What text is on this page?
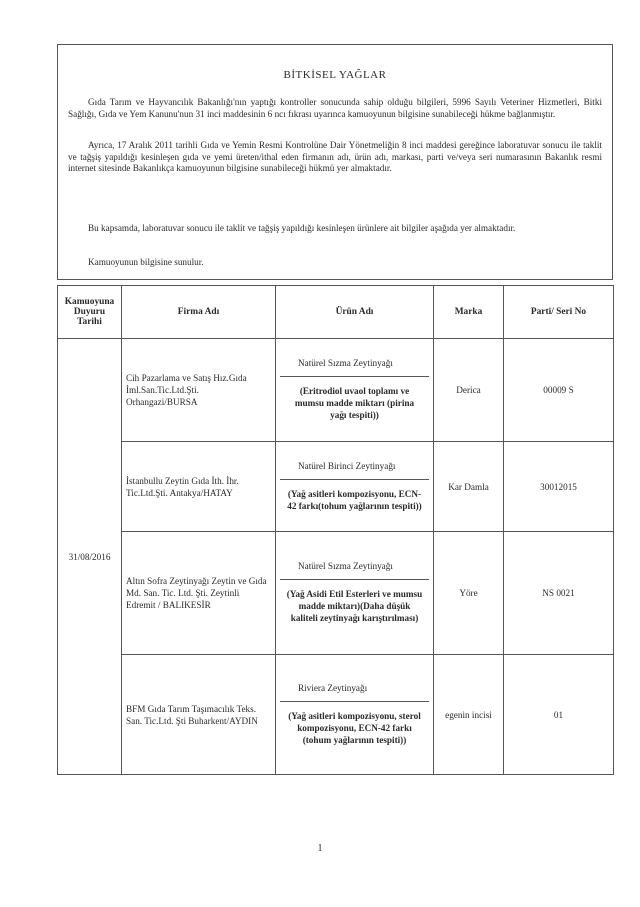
BİTKİSEL YAĞLAR

Gıda Tarım ve Hayvancılık Bakanlığı'nın yaptığı kontroller sonucunda sahip olduğu bilgileri, 5996 Sayılı Veteriner Hizmetleri, Bitki Sağlığı, Gıda ve Yem Kanunu'nun 31 inci maddesinin 6 ncı fıkrası uyarınca kamuoyunun bilgisine sunabileceği hükme bağlanmıştır.

Ayrıca, 17 Aralık 2011 tarihli Gıda ve Yemin Resmi Kontrolüne Dair Yönetmeliğin 8 inci maddesi gereğince laboratuvar sonucu ile taklit ve tağşiş yapıldığı kesinleşen gıda ve yemi üreten/ithal eden firmanın adı, ürün adı, markası, parti ve/veya seri numarasının Bakanlık resmi internet sitesinde Bakanlıkça kamuoyunun bilgisine sunabileceği hükmü yer almaktadır.

Bu kapsamda, laboratuvar sonucu ile taklit ve tağşiş yapıldığı kesinleşen ürünlere ait bilgiler aşağıda yer almaktadır.

Kamuoyunun bilgisine sunulur.

Kamuoyuna Duyuru Tarihi	Firma Adı	Ürün Adı	Marka	Parti/ Seri No
31/08/2016	Cih Pazarlama ve Satış Hız.Gıda İml.San.Tic.Ltd.Şti. Orhangazi/BURSA	Natürel Sızma Zeytinyağı
(Eritrodiol uvaol toplamı ve mumsu madde miktarı (pirina yağı tespiti))	Derica	00009 S
	İstanbullu Zeytin Gıda İth. İhr. Tic.Ltd.Şti. Antakya/HATAY	Natürel Birinci Zeytinyağı
(Yağ asitleri kompozisyonu, ECN-42 farkı(tohum yağlarının tespiti))	Kar Damla	30012015
	Altın Sofra Zeytinyağı Zeytin ve Gıda Md. San. Tic. Ltd. Şti. Zeytinli Edremit / BALIKESİR	Natürel Sızma Zeytinyağı
(Yağ Asidi Etil Esterleri ve mumsu madde miktarı)(Daha düşük kaliteli zeytinyağı karıştırılması)	Yöre	NS 0021
	BFM Gıda Tarım Taşımacılık Teks. San. Tic.Ltd. Şti Buharkent/AYDIN	Riviera Zeytinyağı
(Yağ asitleri kompozisyonu, sterol kompozisyonu, ECN-42 farkı (tohum yağlarının tespiti))	egenin incisi	01
1
